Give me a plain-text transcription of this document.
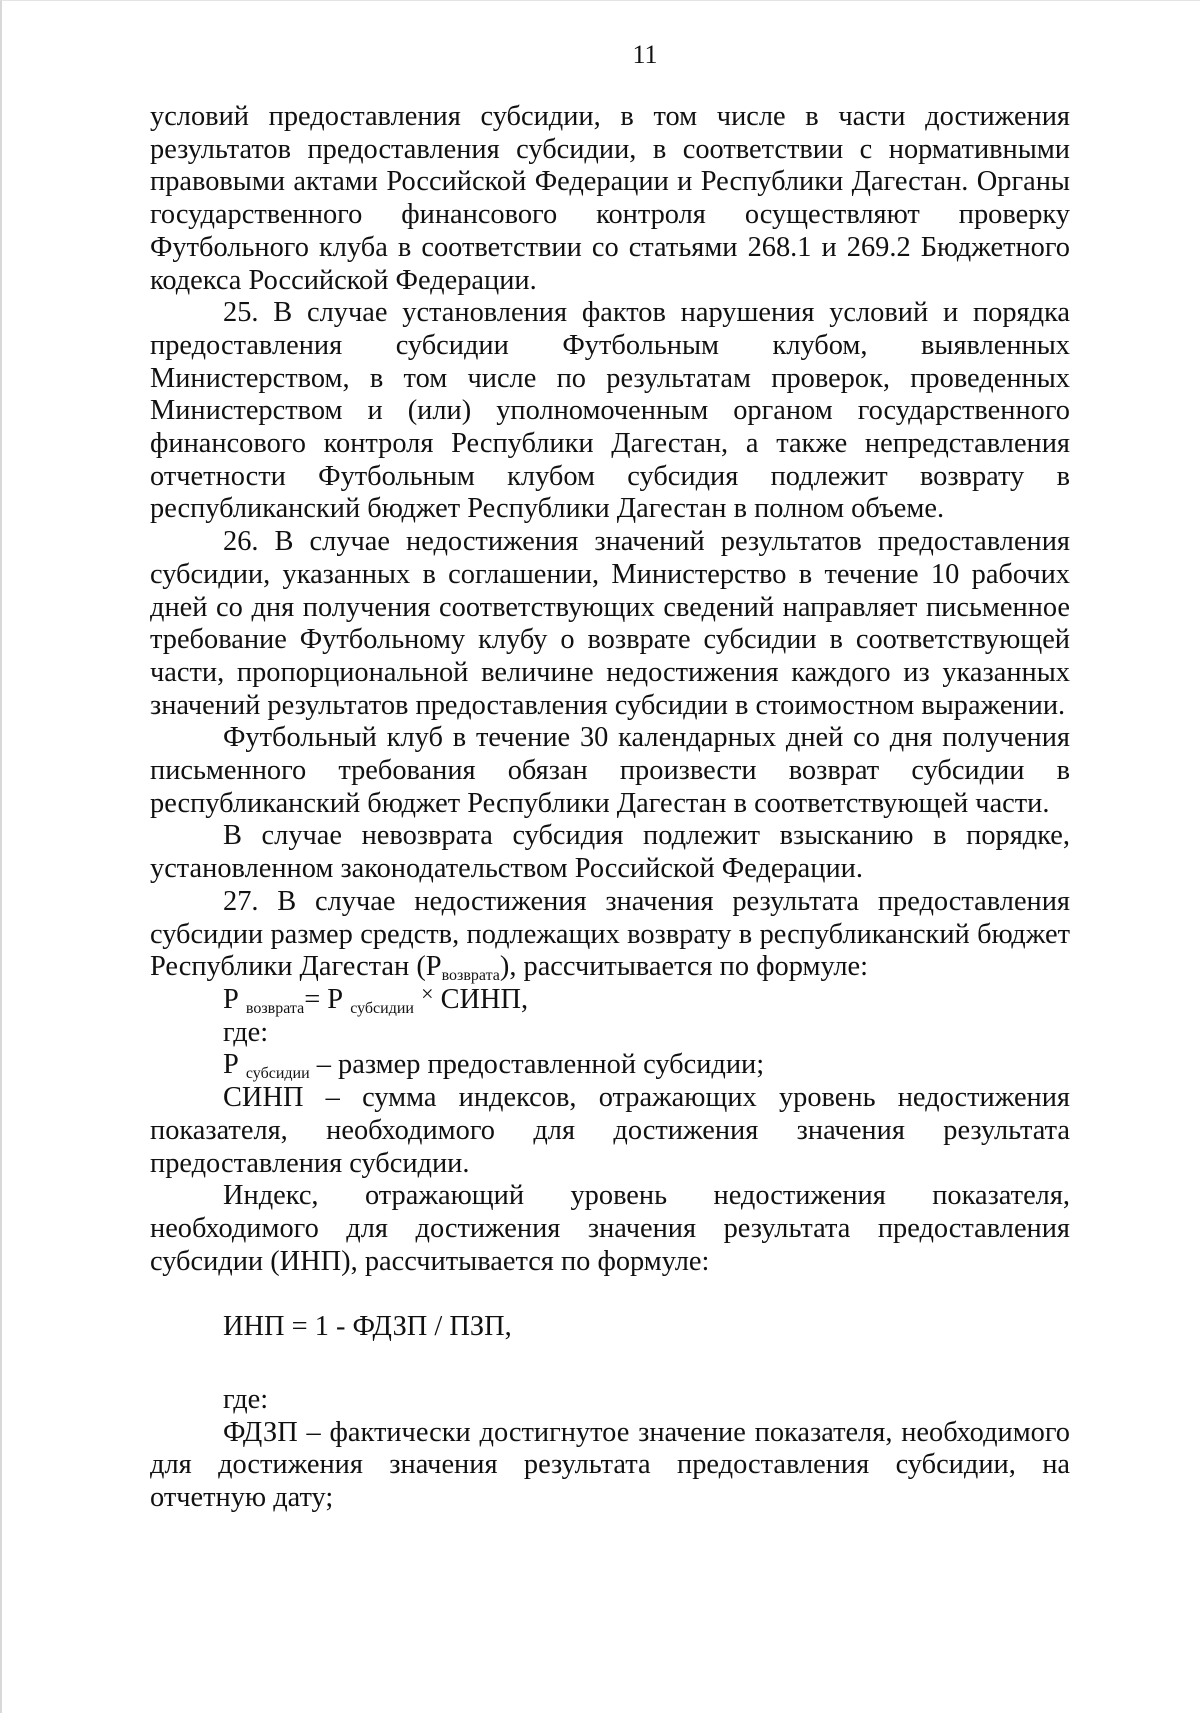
11

условий предоставления субсидии, в том числе в части достижения результатов предоставления субсидии, в соответствии с нормативными правовыми актами Российской Федерации и Республики Дагестан. Органы государственного финансового контроля осуществляют проверку Футбольного клуба в соответствии со статьями 268.1 и 269.2 Бюджетного кодекса Российской Федерации.

25. В случае установления фактов нарушения условий и порядка предоставления субсидии Футбольным клубом, выявленных Министерством, в том числе по результатам проверок, проведенных Министерством и (или) уполномоченным органом государственного финансового контроля Республики Дагестан, а также непредставления отчетности Футбольным клубом субсидия подлежит возврату в республиканский бюджет Республики Дагестан в полном объеме.

26. В случае недостижения значений результатов предоставления субсидии, указанных в соглашении, Министерство в течение 10 рабочих дней со дня получения соответствующих сведений направляет письменное требование Футбольному клубу о возврате субсидии в соответствующей части, пропорциональной величине недостижения каждого из указанных значений результатов предоставления субсидии в стоимостном выражении.

Футбольный клуб в течение 30 календарных дней со дня получения письменного требования обязан произвести возврат субсидии в республиканский бюджет Республики Дагестан в соответствующей части.

В случае невозврата субсидия подлежит взысканию в порядке, установленном законодательством Российской Федерации.

27. В случае недостижения значения результата предоставления субсидии размер средств, подлежащих возврату в республиканский бюджет Республики Дагестан $(Р_{возврата})$, рассчитывается по формуле:

Р $_{возврата}$= Р $_{субсидии}$ × СИНП,

где:

Р $_{субсидии}$ – размер предоставленной субсидии;

СИНП – сумма индексов, отражающих уровень недостижения показателя, необходимого для достижения значения результата предоставления субсидии.

Индекс, отражающий уровень недостижения показателя, необходимого для достижения значения результата предоставления субсидии (ИНП), рассчитывается по формуле:

ИНП = 1 - ФДЗП / ПЗП,

где:

ФДЗП – фактически достигнутое значение показателя, необходимого для достижения значения результата предоставления субсидии, на отчетную дату;
